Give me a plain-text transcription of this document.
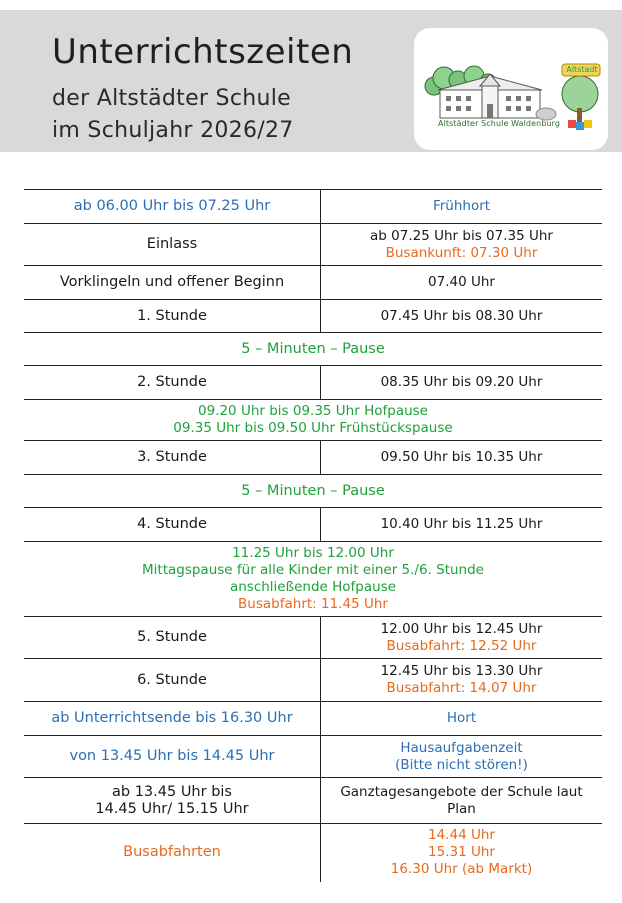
Unterrichtszeiten
der Altstädter Schule
im Schuljahr 2026/27	Altstädter Schule Waldenburg
Altstadt
ab 06.00 Uhr bis 07.25 Uhr	Frühhort
Einlass	ab 07.25 Uhr bis 07.35 Uhr
Busankunft: 07.30 Uhr

Vorklingeln und offener Beginn	07.40 Uhr
1. Stunde	07.45 Uhr bis 08.30 Uhr
5 – Minuten – Pause	
2. Stunde	08.35 Uhr bis 09.20 Uhr

09.20 Uhr bis 09.35 Uhr Hofpause
09.35 Uhr bis 09.50 Uhr Frühstückspause	

3. Stunde	09.50 Uhr bis 10.35 Uhr
5 – Minuten – Pause	
4. Stunde	10.40 Uhr bis 11.25 Uhr

11.25 Uhr bis 12.00 Uhr
Mittagspause für alle Kinder mit einer 5./6. Stunde
anschließende Hofpause
Busabfahrt: 11.45 Uhr	

5. Stunde	12.00 Uhr bis 12.45 Uhr
Busabfahrt: 12.52 Uhr

6. Stunde	12.45 Uhr bis 13.30 Uhr
Busabfahrt: 14.07 Uhr

ab Unterrichtsende bis 16.30 Uhr	Hort
von 13.45 Uhr bis 14.45 Uhr	Hausaufgabenzeit
(Bitte nicht stören!)

ab 13.45 Uhr bis
14.45 Uhr/ 15.15 Uhr	Ganztagesangebote der Schule laut
Plan

Busabfahrten	14.44 Uhr
15.31 Uhr
16.30 Uhr (ab Markt)
